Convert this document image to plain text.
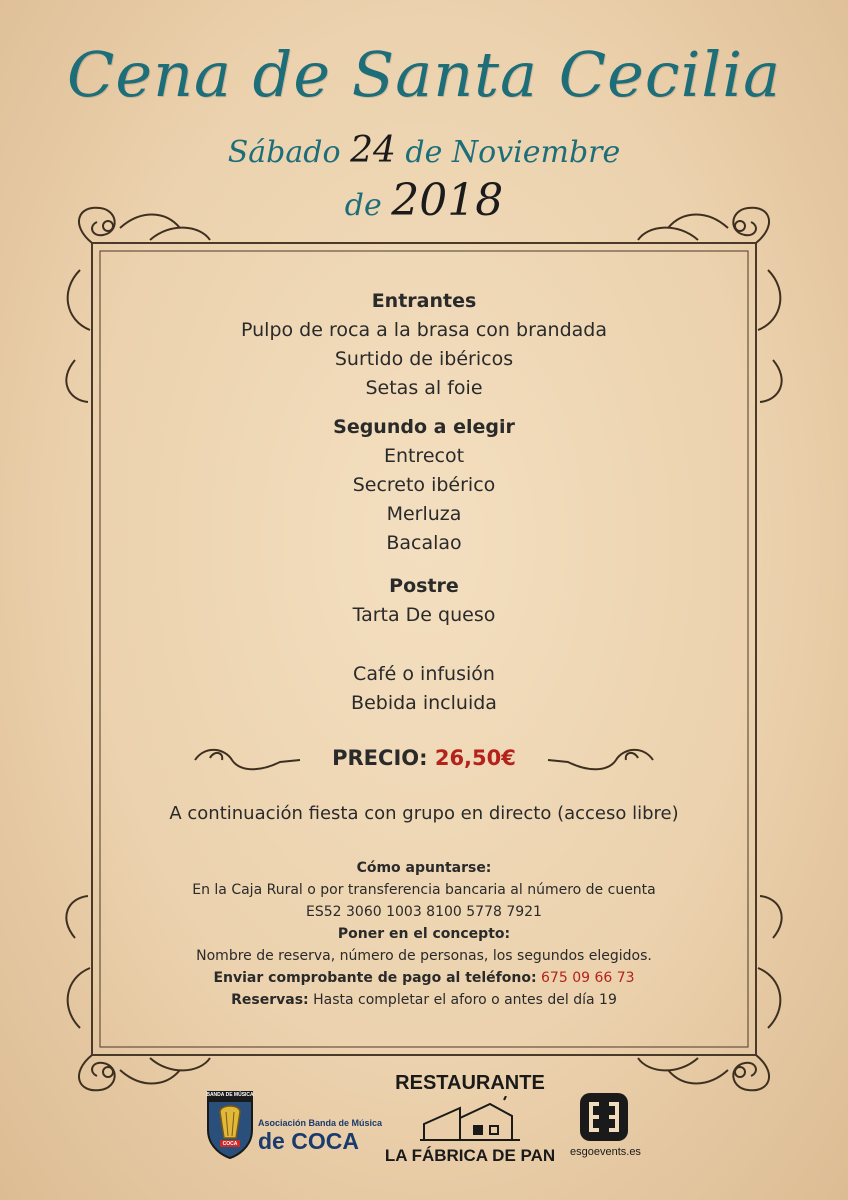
Cena de Santa Cecilia
Sábado 24 de Noviembre
de 2018
Entrantes
Pulpo de roca a la brasa con brandada
Surtido de ibéricos
Setas al foie
Segundo a elegir
Entrecot
Secreto ibérico
Merluza
Bacalao
Postre
Tarta De queso
Café o infusión
Bebida incluida
PRECIO: 26,50€
A continuación fiesta con grupo en directo (acceso libre)
Cómo apuntarse:
En la Caja Rural o por transferencia bancaria al número de cuenta
ES52 3060 1003 8100 5778 7921
Poner en el concepto:
Nombre de reserva, número de personas, los segundos elegidos.
Enviar comprobante de pago al teléfono: 675 09 66 73
Reservas: Hasta completar el aforo o antes del día 19
BANDA DE MÚSICA
COCA
Asociación Banda de Música
de COCA
RESTAURANTE
LA FÁBRICA DE PAN	esgoevents.es
